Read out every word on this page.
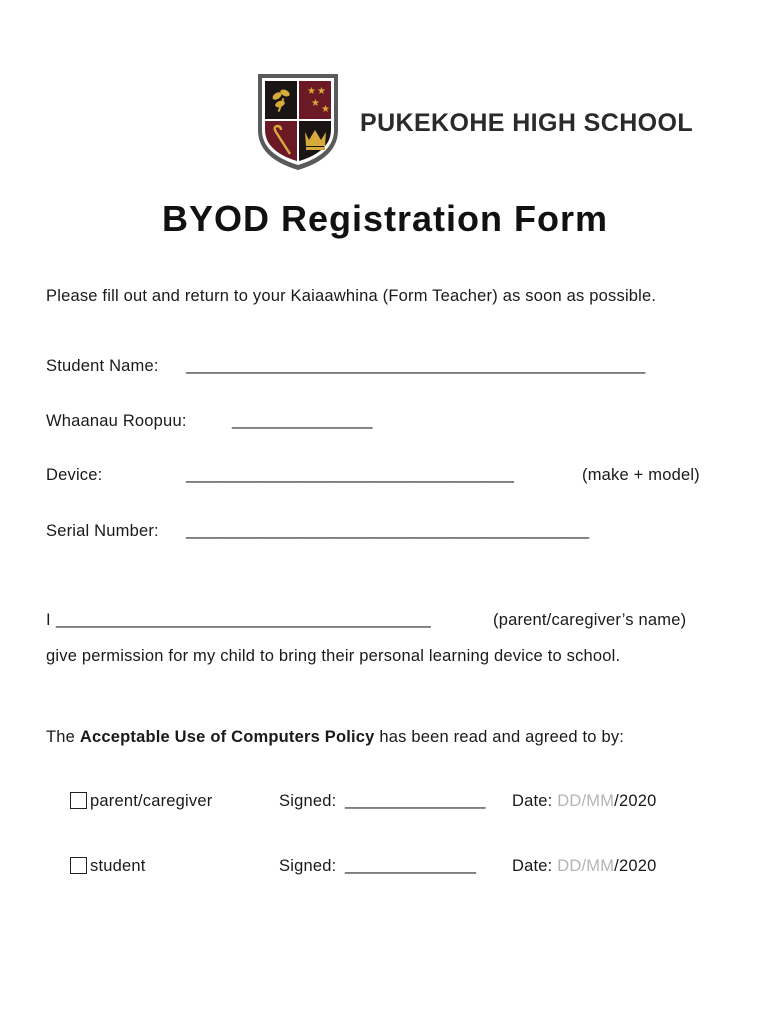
★ ★
★
★ PUKEKOHE HIGH SCHOOL
BYOD Registration Form
Please fill out and return to your Kaiaawhina (Form Teacher) as soon as possible.
Student Name: _________________________________________________
Whaanau Roopuu:	_______________
Device:	___________________________________	(make + model)
Serial Number: ___________________________________________
I ________________________________________	(parent/caregiver’s name)
give permission for my child to bring their personal learning device to school.
The Acceptable Use of Computers Policy has been read and agreed to by:
parent/caregiver	Signed: _______________ Date: DD/MM/2020
student	Signed: ______________ Date: DD/MM/2020
